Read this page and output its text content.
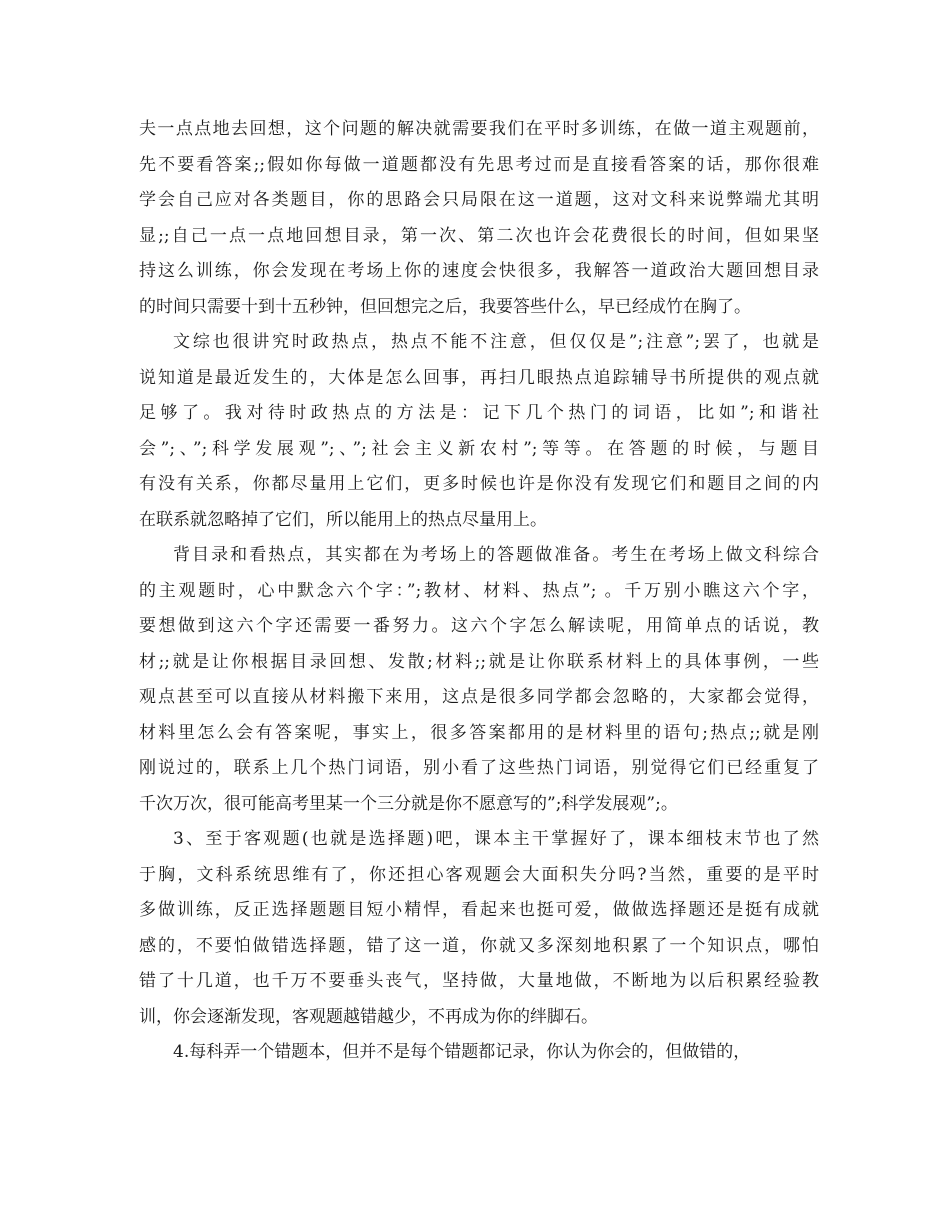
夫一点点地去回想，这个问题的解决就需要我们在平时多训练，在做一道主观题前，
先不要看答案;;假如你每做一道题都没有先思考过而是直接看答案的话，那你很难
学会自己应对各类题目，你的思路会只局限在这一道题，这对文科来说弊端尤其明
显;;自己一点一点地回想目录，第一次、第二次也许会花费很长的时间，但如果坚
持这么训练，你会发现在考场上你的速度会快很多，我解答一道政治大题回想目录
的时间只需要十到十五秒钟，但回想完之后，我要答些什么，早已经成竹在胸了。
文综也很讲究时政热点，热点不能不注意，但仅仅是”;注意”;罢了，也就是
说知道是最近发生的，大体是怎么回事，再扫几眼热点追踪辅导书所提供的观点就
足够了。我对待时政热点的方法是：记下几个热门的词语，比如”;和谐社
会”;、”;科学发展观”;、”;社会主义新农村”;等等。在答题的时候，与题目
有没有关系，你都尽量用上它们，更多时候也许是你没有发现它们和题目之间的内
在联系就忽略掉了它们，所以能用上的热点尽量用上。
背目录和看热点，其实都在为考场上的答题做准备。考生在考场上做文科综合
的主观题时，心中默念六个字：”;教材、材料、热点”; 。千万别小瞧这六个字，
要想做到这六个字还需要一番努力。这六个字怎么解读呢，用简单点的话说，教
材;;就是让你根据目录回想、发散;材料;;就是让你联系材料上的具体事例，一些
观点甚至可以直接从材料搬下来用，这点是很多同学都会忽略的，大家都会觉得，
材料里怎么会有答案呢，事实上，很多答案都用的是材料里的语句;热点;;就是刚
刚说过的，联系上几个热门词语，别小看了这些热门词语，别觉得它们已经重复了
千次万次，很可能高考里某一个三分就是你不愿意写的”;科学发展观”;。
3、至于客观题(也就是选择题)吧，课本主干掌握好了，课本细枝末节也了然
于胸，文科系统思维有了，你还担心客观题会大面积失分吗?当然，重要的是平时
多做训练，反正选择题题目短小精悍，看起来也挺可爱，做做选择题还是挺有成就
感的，不要怕做错选择题，错了这一道，你就又多深刻地积累了一个知识点，哪怕
错了十几道，也千万不要垂头丧气，坚持做，大量地做，不断地为以后积累经验教
训，你会逐渐发现，客观题越错越少，不再成为你的绊脚石。
4.每科弄一个错题本，但并不是每个错题都记录，你认为你会的，但做错的，
